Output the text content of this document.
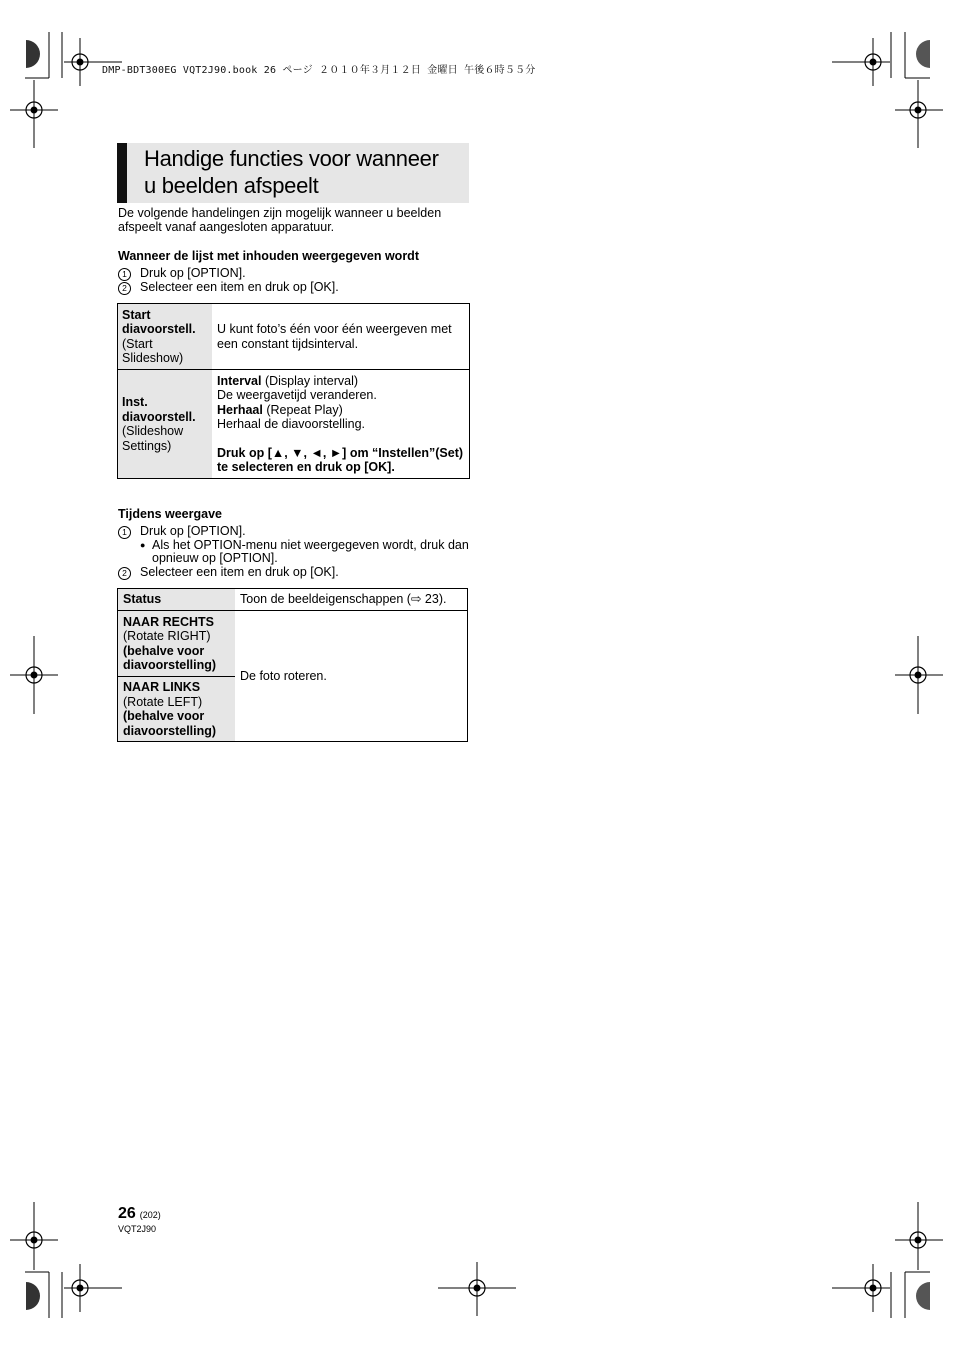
DMP-BDT300EG VQT2J90.book 26 ページ ２０１０年３月１２日 金曜日 午後６時５５分
Handige functies voor wanneer
u beelden afspeelt
De volgende handelingen zijn mogelijk wanneer u beelden afspeelt vanaf aangesloten apparatuur.
Wanneer de lijst met inhouden weergegeven wordt
1	Druk op [OPTION].
2	Selecteer een item en druk op [OK].
Start diavoorstell.
(Start Slideshow)	U kunt foto’s één voor één weergeven met een constant tijdsinterval.
Inst. diavoorstell.
(Slideshow Settings)	Interval (Display interval)
De weergavetijd veranderen.
Herhaal (Repeat Play)
Herhaal de diavoorstelling.

Druk op [▲, ▼, ◄, ►] om “Instellen”(Set) te selecteren en druk op [OK].
Tijdens weergave
1	Druk op [OPTION].
● Als het OPTION-menu niet weergegeven wordt, druk dan opnieuw op [OPTION].
2	Selecteer een item en druk op [OK].
Status	Toon de beeldeigenschappen (⇨ 23).
NAAR RECHTS
(Rotate RIGHT)
(behalve voor diavoorstelling)	De foto roteren.
NAAR LINKS
(Rotate LEFT)
(behalve voor diavoorstelling)	
26 (202)
VQT2J90
